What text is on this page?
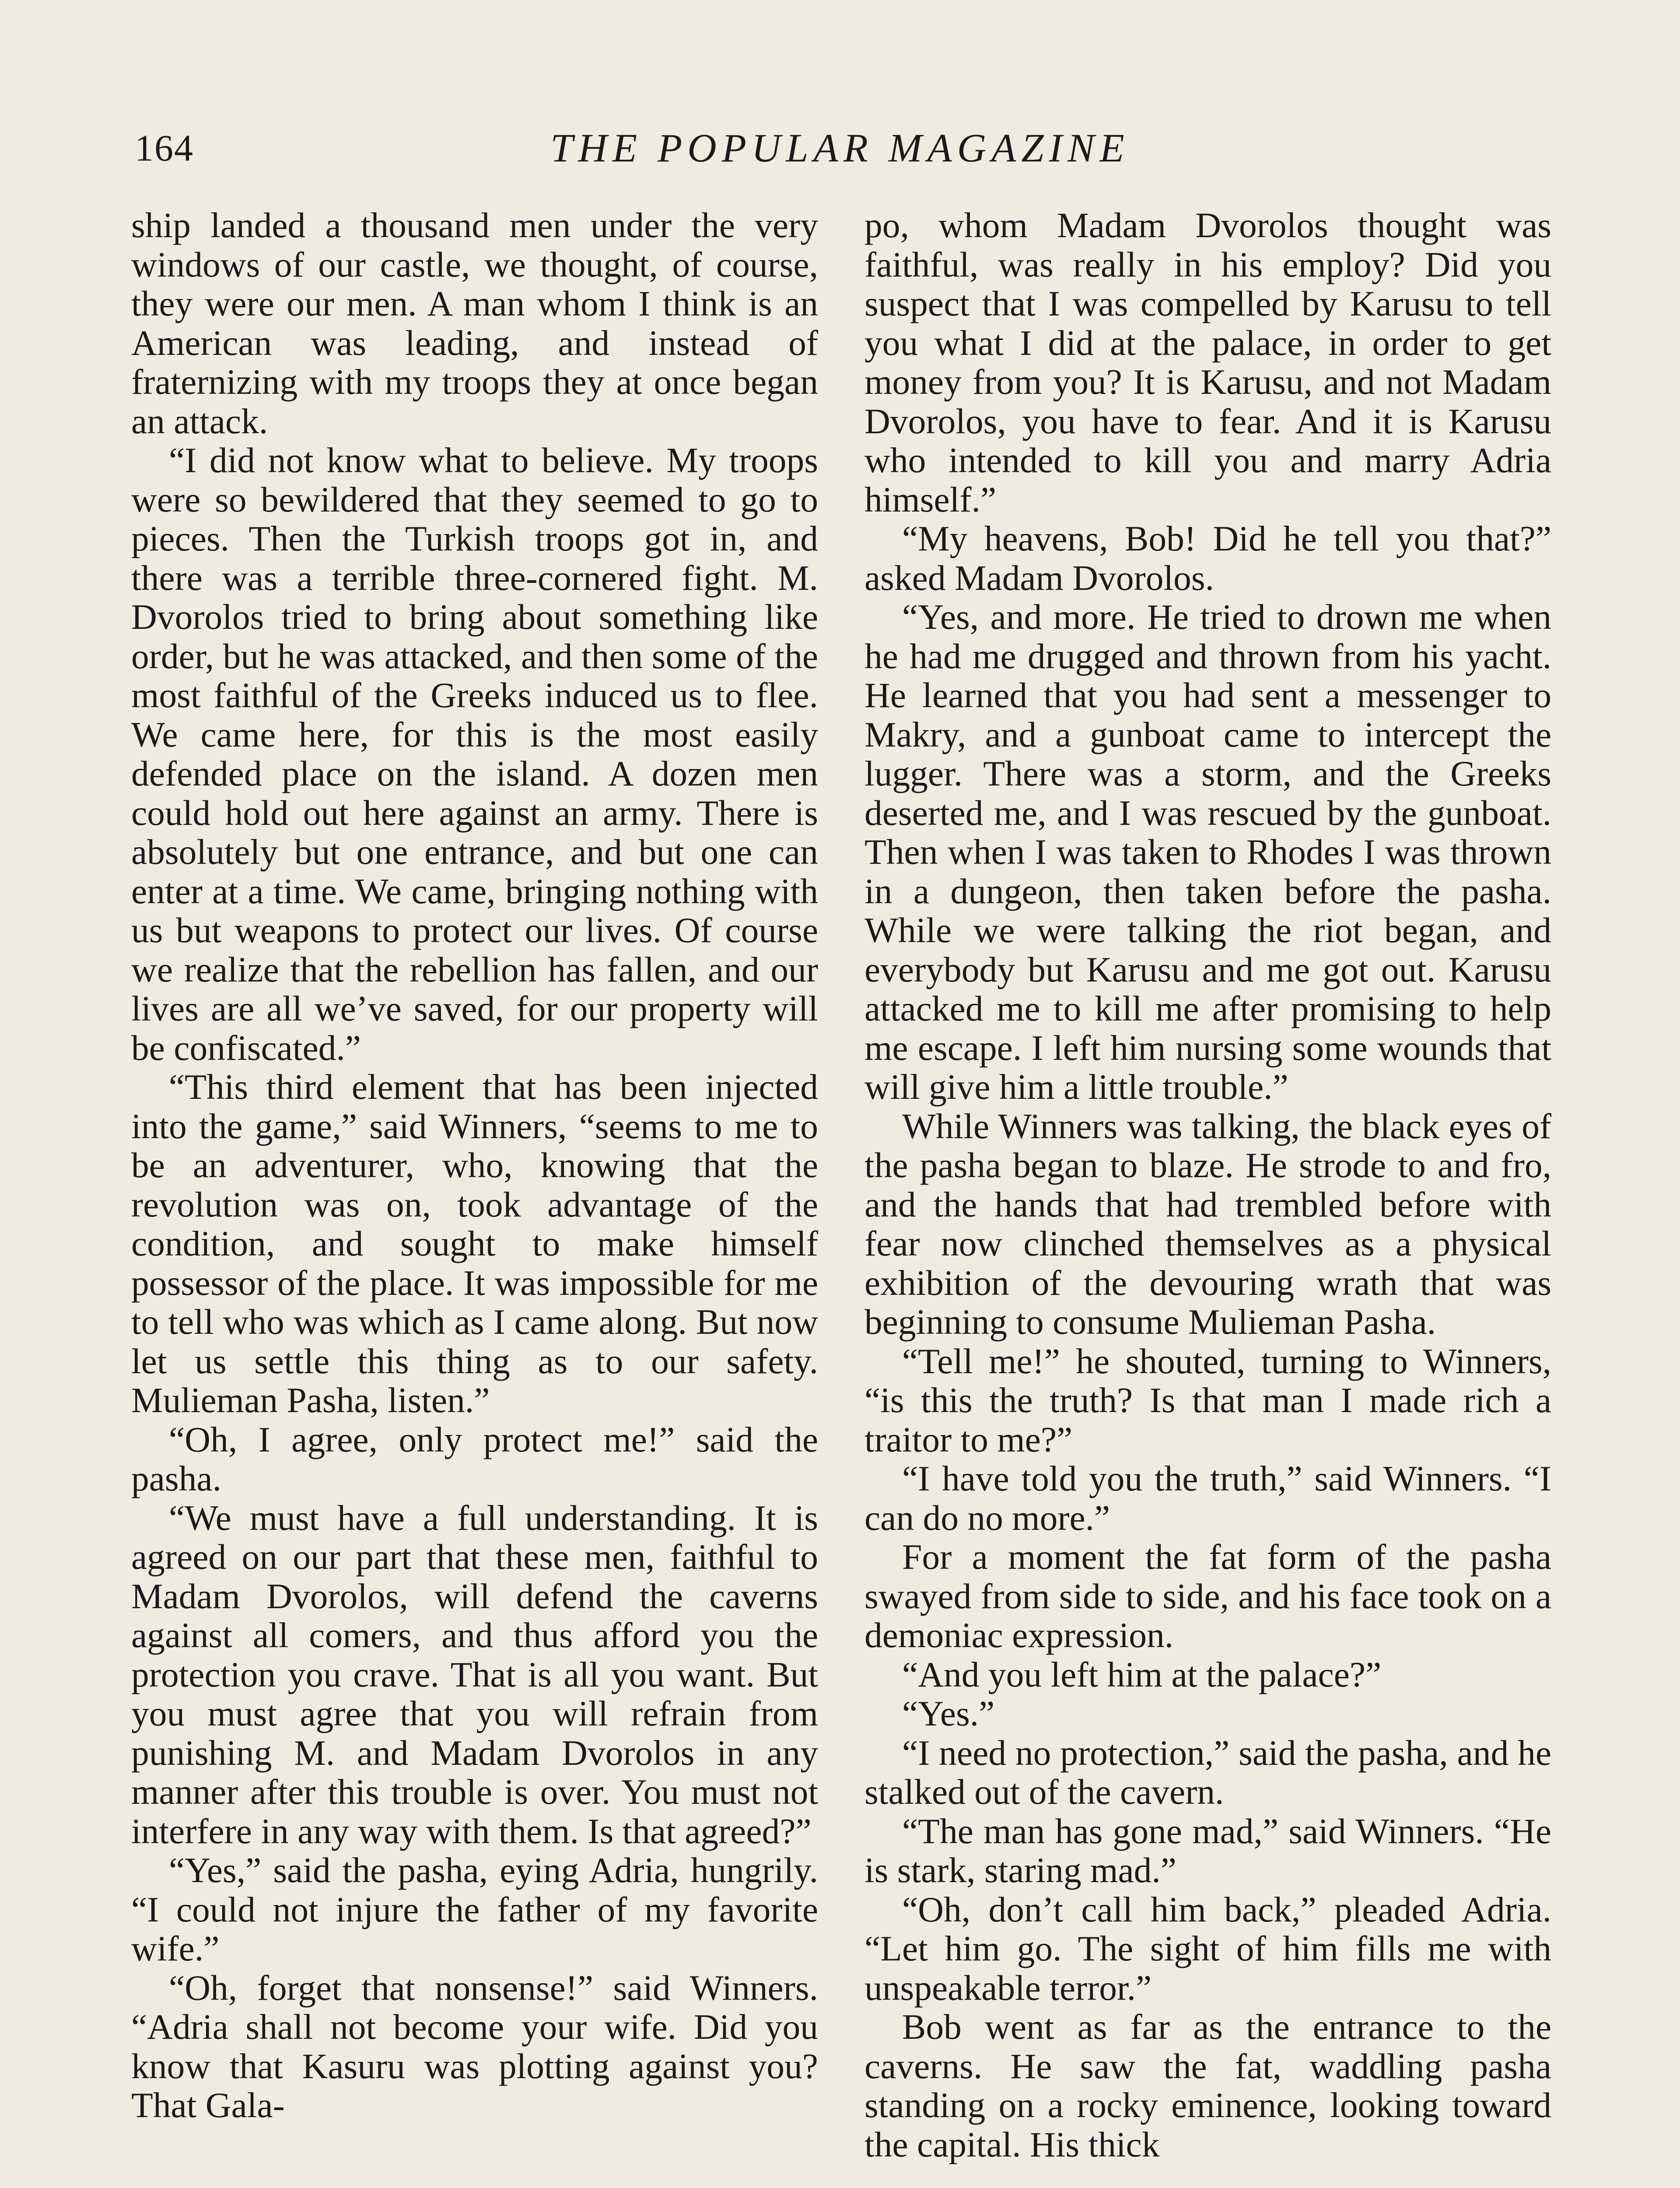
164	THE POPULAR MAGAZINE

ship landed a thousand men under the very windows of our castle, we thought, of course, they were our men. A man whom I think is an American was leading, and instead of fraternizing with my troops they at once began an attack.

“I did not know what to believe. My troops were so bewildered that they seemed to go to pieces. Then the Turkish troops got in, and there was a terrible three-cornered fight. M. Dvorolos tried to bring about something like order, but he was attacked, and then some of the most faithful of the Greeks induced us to flee. We came here, for this is the most easily defended place on the island. A dozen men could hold out here against an army. There is absolutely but one entrance, and but one can enter at a time. We came, bringing nothing with us but weapons to protect our lives. Of course we realize that the rebellion has fallen, and our lives are all we’ve saved, for our property will be confiscated.”

“This third element that has been injected into the game,” said Winners, “seems to me to be an adventurer, who, knowing that the revolution was on, took advantage of the condition, and sought to make himself possessor of the place. It was impossible for me to tell who was which as I came along. But now let us settle this thing as to our safety. Mulieman Pasha, listen.”

“Oh, I agree, only protect me!” said the pasha.

“We must have a full understanding. It is agreed on our part that these men, faithful to Madam Dvorolos, will defend the caverns against all comers, and thus afford you the protection you crave. That is all you want. But you must agree that you will refrain from punishing M. and Madam Dvorolos in any manner after this trouble is over. You must not interfere in any way with them. Is that agreed?”

“Yes,” said the pasha, eying Adria, hungrily. “I could not injure the father of my favorite wife.”

“Oh, forget that nonsense!” said Winners. “Adria shall not become your wife. Did you know that Kasuru was plotting against you? That Gala-

po, whom Madam Dvorolos thought was faithful, was really in his employ? Did you suspect that I was compelled by Karusu to tell you what I did at the palace, in order to get money from you? It is Karusu, and not Madam Dvorolos, you have to fear. And it is Karusu who intended to kill you and marry Adria himself.”

“My heavens, Bob! Did he tell you that?” asked Madam Dvorolos.

“Yes, and more. He tried to drown me when he had me drugged and thrown from his yacht. He learned that you had sent a messenger to Makry, and a gunboat came to intercept the lugger. There was a storm, and the Greeks deserted me, and I was rescued by the gunboat. Then when I was taken to Rhodes I was thrown in a dungeon, then taken before the pasha. While we were talking the riot began, and everybody but Karusu and me got out. Karusu attacked me to kill me after promising to help me escape. I left him nursing some wounds that will give him a little trouble.”

While Winners was talking, the black eyes of the pasha began to blaze. He strode to and fro, and the hands that had trembled before with fear now clinched themselves as a physical exhibition of the devouring wrath that was beginning to consume Mulieman Pasha.

“Tell me!” he shouted, turning to Winners, “is this the truth? Is that man I made rich a traitor to me?”

“I have told you the truth,” said Winners. “I can do no more.”

For a moment the fat form of the pasha swayed from side to side, and his face took on a demoniac expression.

“And you left him at the palace?”

“Yes.”

“I need no protection,” said the pasha, and he stalked out of the cavern.

“The man has gone mad,” said Winners. “He is stark, staring mad.”

“Oh, don’t call him back,” pleaded Adria. “Let him go. The sight of him fills me with unspeakable terror.”

Bob went as far as the entrance to the caverns. He saw the fat, waddling pasha standing on a rocky eminence, looking toward the capital. His thick
